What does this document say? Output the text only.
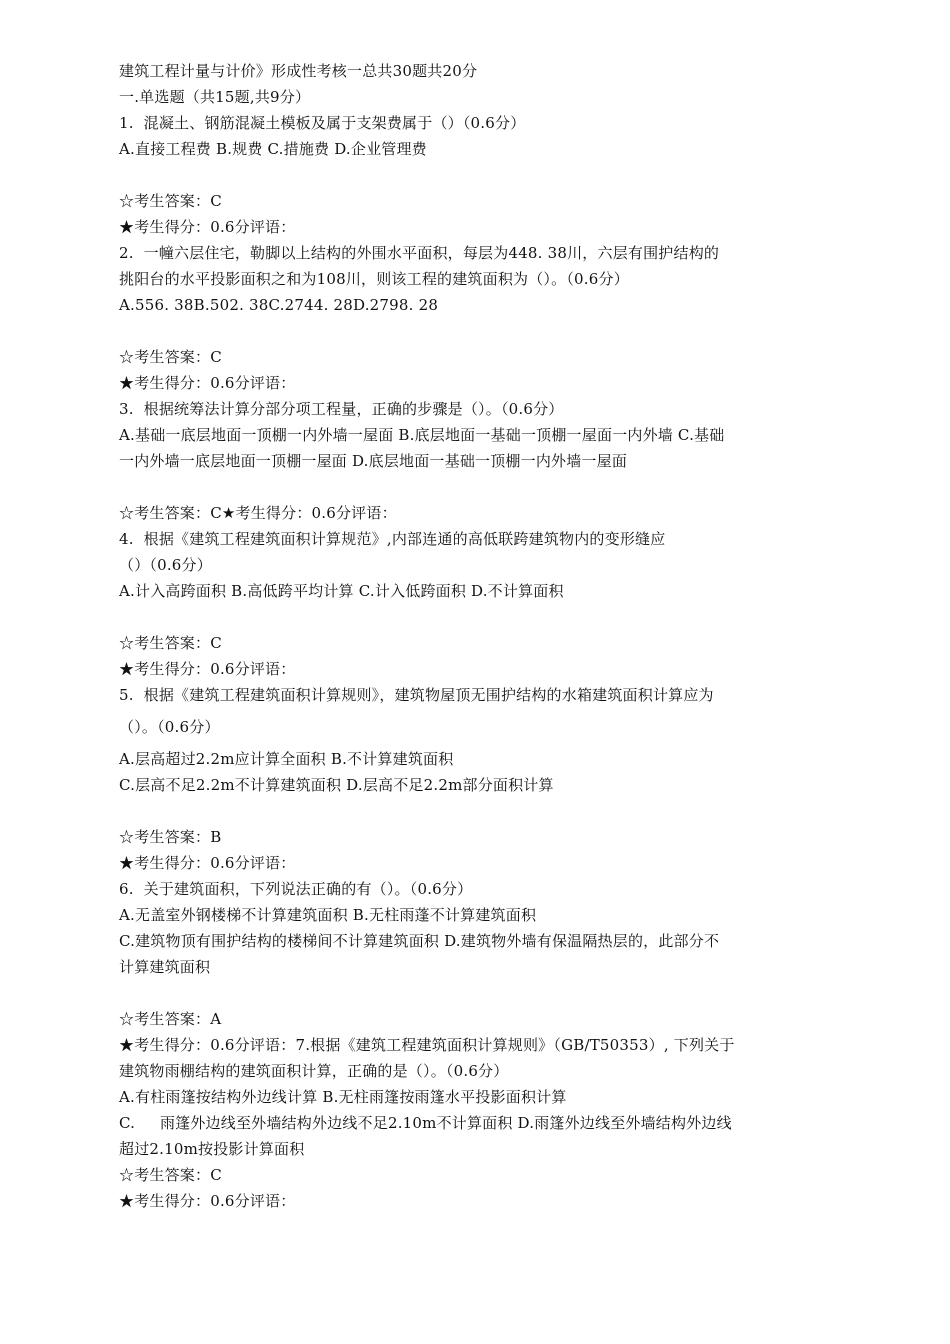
建筑工程计量与计价》形成性考核一总共30题共20分
一.单选题（共15题,共9分）
1.  混凝土、钢筋混凝土模板及属于支架费属于（）（0.6分）
A.直接工程费 B.规费 C.措施费 D.企业管理费
☆考生答案：C
★考生得分：0.6分评语：
2.  一幢六层住宅，勒脚以上结构的外围水平面积，每层为448. 38川，六层有围护结构的
挑阳台的水平投影面积之和为108川，则该工程的建筑面积为（）。（0.6分）
A.556. 38B.502. 38C.2744. 28D.2798. 28
☆考生答案：C
★考生得分：0.6分评语：
3.  根据统筹法计算分部分项工程量，正确的步骤是（）。（0.6分）
A.基础一底层地面一顶棚一内外墙一屋面 B.底层地面一基础一顶棚一屋面一内外墙 C.基础
一内外墙一底层地面一顶棚一屋面 D.底层地面一基础一顶棚一内外墙一屋面
☆考生答案：C★考生得分：0.6分评语：
4.  根据《建筑工程建筑面积计算规范》,内部连通的高低联跨建筑物内的变形缝应
（）（0.6分）
A.计入高跨面积 B.高低跨平均计算 C.计入低跨面积 D.不计算面积
☆考生答案：C
★考生得分：0.6分评语：
5.  根据《建筑工程建筑面积计算规则》，建筑物屋顶无围护结构的水箱建筑面积计算应为
（）。（0.6分）
A.层高超过2.2m应计算全面积 B.不计算建筑面积
C.层高不足2.2m不计算建筑面积 D.层高不足2.2m部分面积计算
☆考生答案：B
★考生得分：0.6分评语：
6.  关于建筑面积，下列说法正确的有（）。（0.6分）
A.无盖室外钢楼梯不计算建筑面积 B.无柱雨蓬不计算建筑面积
C.建筑物顶有围护结构的楼梯间不计算建筑面积 D.建筑物外墙有保温隔热层的，此部分不
计算建筑面积
☆考生答案：A
★考生得分：0.6分评语：7.根据《建筑工程建筑面积计算规则》（GB/T50353）, 下列关于
建筑物雨棚结构的建筑面积计算，正确的是（）。（0.6分）
A.有柱雨篷按结构外边线计算 B.无柱雨篷按雨篷水平投影面积计算
C.     雨篷外边线至外墙结构外边线不足2.10m不计算面积 D.雨篷外边线至外墙结构外边线
超过2.10m按投影计算面积
☆考生答案：C
★考生得分：0.6分评语：
